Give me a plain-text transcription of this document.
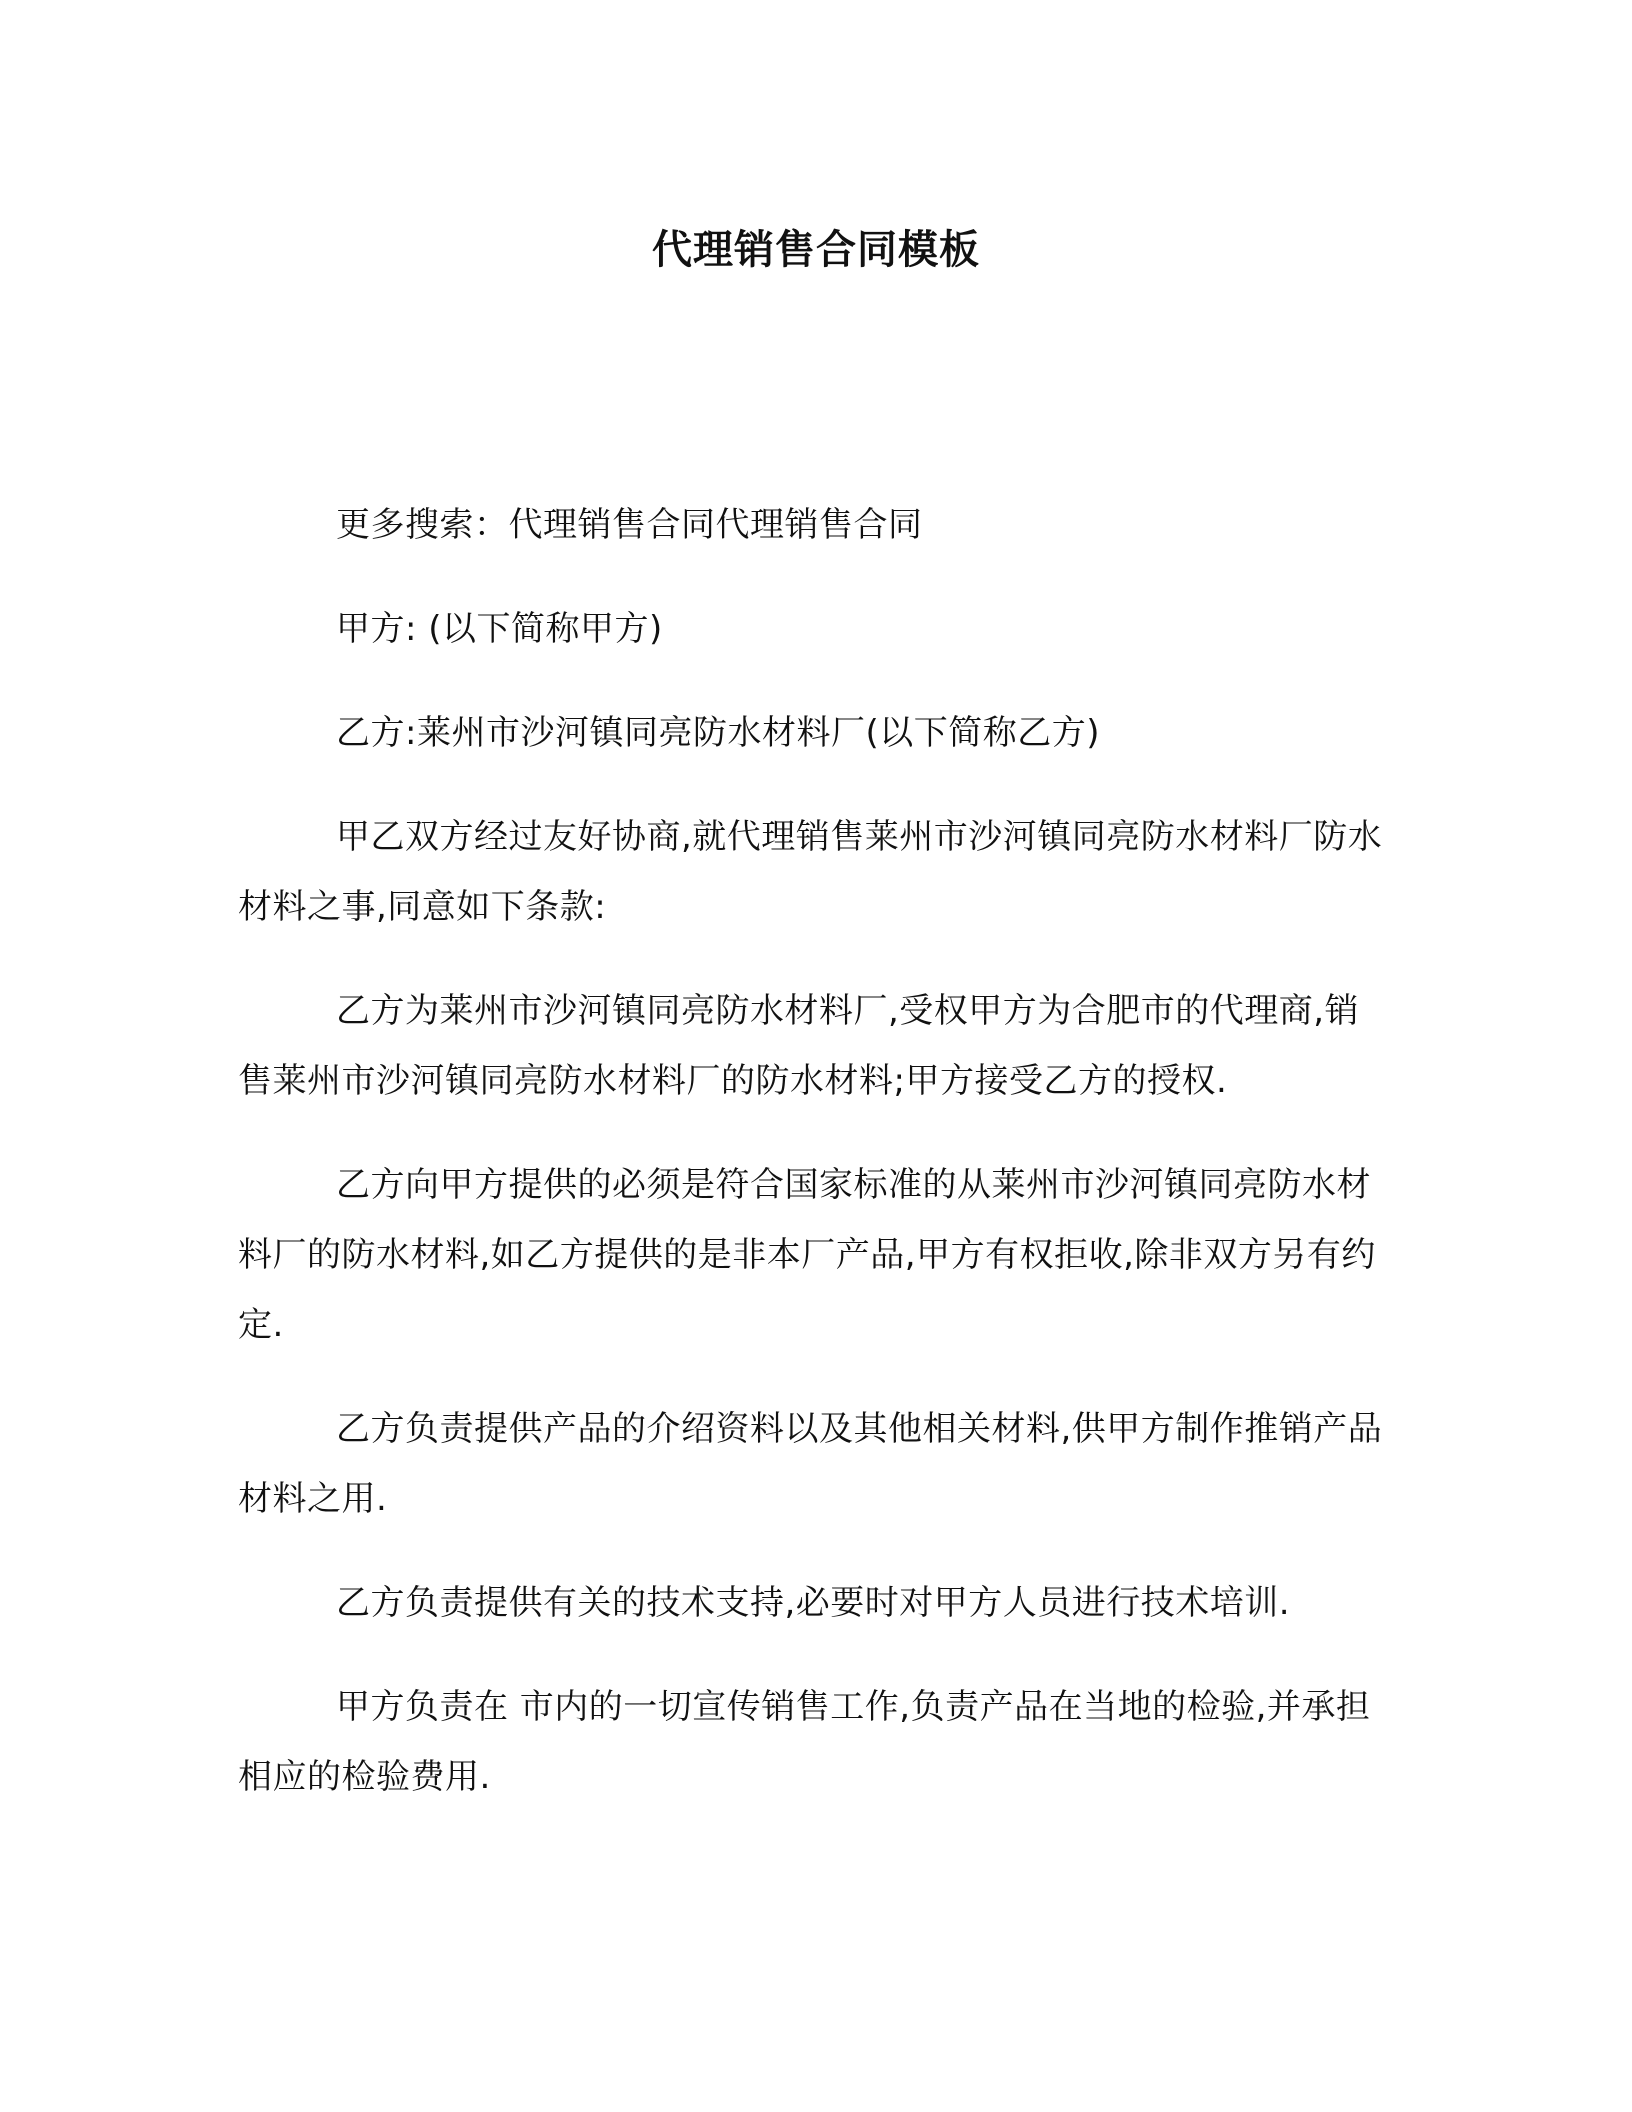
代理销售合同模板

更多搜索：代理销售合同代理销售合同

甲方: (以下简称甲方)

乙方:莱州市沙河镇同亮防水材料厂(以下简称乙方)

甲乙双方经过友好协商,就代理销售莱州市沙河镇同亮防水材料厂防水材料之事,同意如下条款:

乙方为莱州市沙河镇同亮防水材料厂,受权甲方为合肥市的代理商,销售莱州市沙河镇同亮防水材料厂的防水材料;甲方接受乙方的授权.

乙方向甲方提供的必须是符合国家标准的从莱州市沙河镇同亮防水材料厂的防水材料,如乙方提供的是非本厂产品,甲方有权拒收,除非双方另有约定.

乙方负责提供产品的介绍资料以及其他相关材料,供甲方制作推销产品材料之用.

乙方负责提供有关的技术支持,必要时对甲方人员进行技术培训.

甲方负责在 市内的一切宣传销售工作,负责产品在当地的检验,并承担相应的检验费用.
